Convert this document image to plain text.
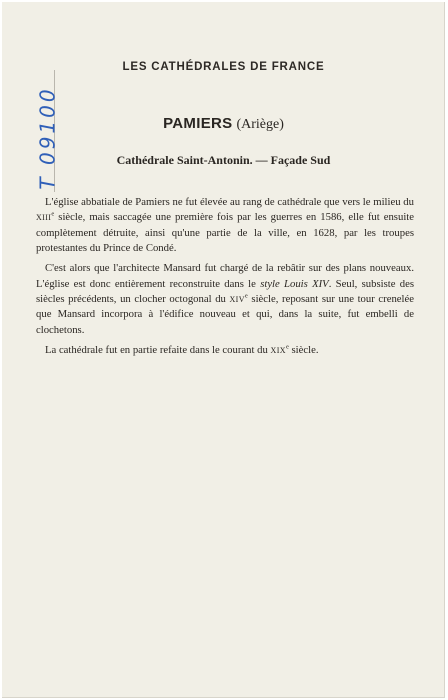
T 09100
LES CATHÉDRALES DE FRANCE
PAMIERS (Ariège)
Cathédrale Saint-Antonin. — Façade Sud

L'église abbatiale de Pamiers ne fut élevée au rang de cathédrale que vers le milieu du XIIIe siècle, mais saccagée une première fois par les guerres en 1586, elle fut ensuite complètement détruite, ainsi qu'une partie de la ville, en 1628, par les troupes protestantes du Prince de Condé.

C'est alors que l'architecte Mansard fut chargé de la rebâtir sur des plans nouveaux. L'église est donc entièrement reconstruite dans le style Louis XIV. Seul, subsiste des siècles précédents, un clocher octogonal du XIVe siècle, reposant sur une tour crenelée que Mansard incorpora à l'édifice nouveau et qui, dans la suite, fut embelli de clochetons.

La cathédrale fut en partie refaite dans le courant du XIXe siècle.
